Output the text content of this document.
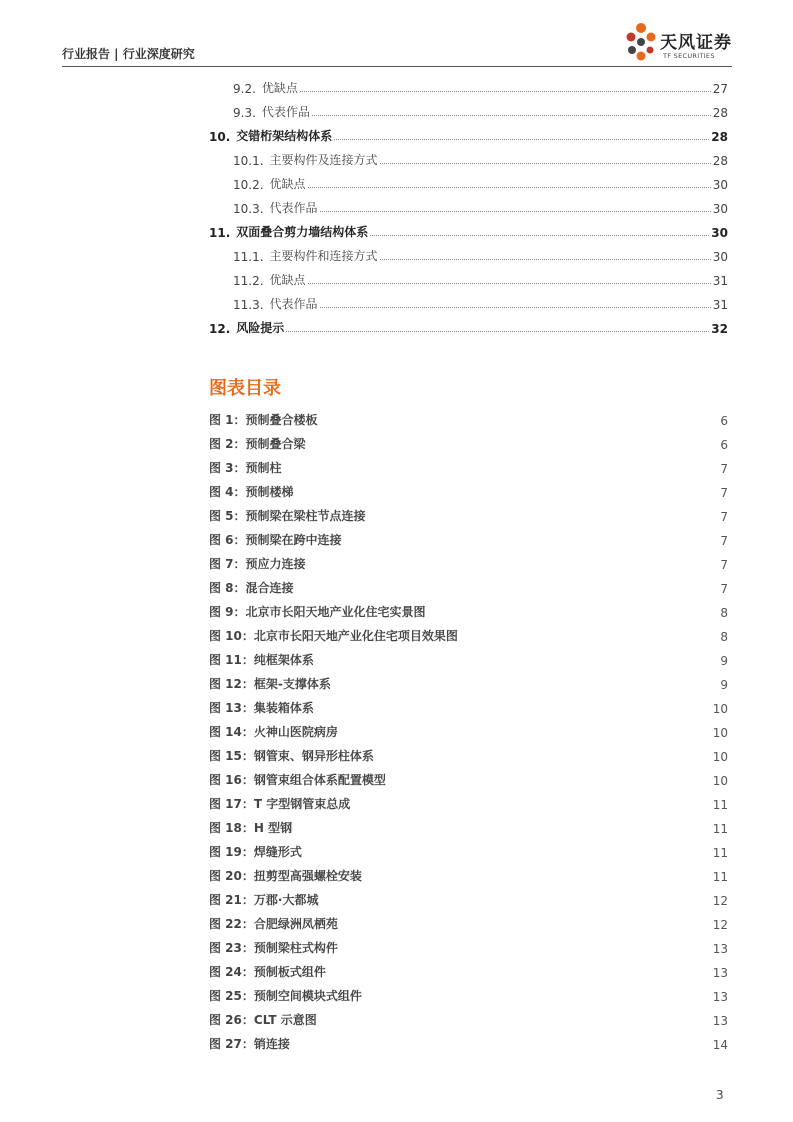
行业报告 | 行业深度研究
天风证券
TF SECURITIES
9.2. 优缺点	27
9.3. 代表作品	28
10. 交错桁架结构体系	28
10.1. 主要构件及连接方式	28
10.2. 优缺点	30
10.3. 代表作品	30
11. 双面叠合剪力墙结构体系	30
11.1. 主要构件和连接方式	30
11.2. 优缺点	31
11.3. 代表作品	31
12. 风险提示	32
图表目录
图 1： 预制叠合楼板	6
图 2： 预制叠合梁	6
图 3： 预制柱	7
图 4： 预制楼梯	7
图 5： 预制梁在梁柱节点连接	7
图 6： 预制梁在跨中连接	7
图 7： 预应力连接	7
图 8： 混合连接	7
图 9： 北京市长阳天地产业化住宅实景图	8
图 10： 北京市长阳天地产业化住宅项目效果图	8
图 11： 纯框架体系	9
图 12： 框架-支撑体系	9
图 13： 集装箱体系	10
图 14： 火神山医院病房	10
图 15： 钢管束、钢异形柱体系	10
图 16： 钢管束组合体系配置模型	10
图 17： T 字型钢管束总成	11
图 18： H 型钢	11
图 19： 焊缝形式	11
图 20： 扭剪型高强螺栓安装	11
图 21： 万郡·大都城	12
图 22： 合肥绿洲凤栖苑	12
图 23： 预制梁柱式构件	13
图 24： 预制板式组件	13
图 25： 预制空间模块式组件	13
图 26： CLT 示意图	13
图 27： 销连接	14
3
